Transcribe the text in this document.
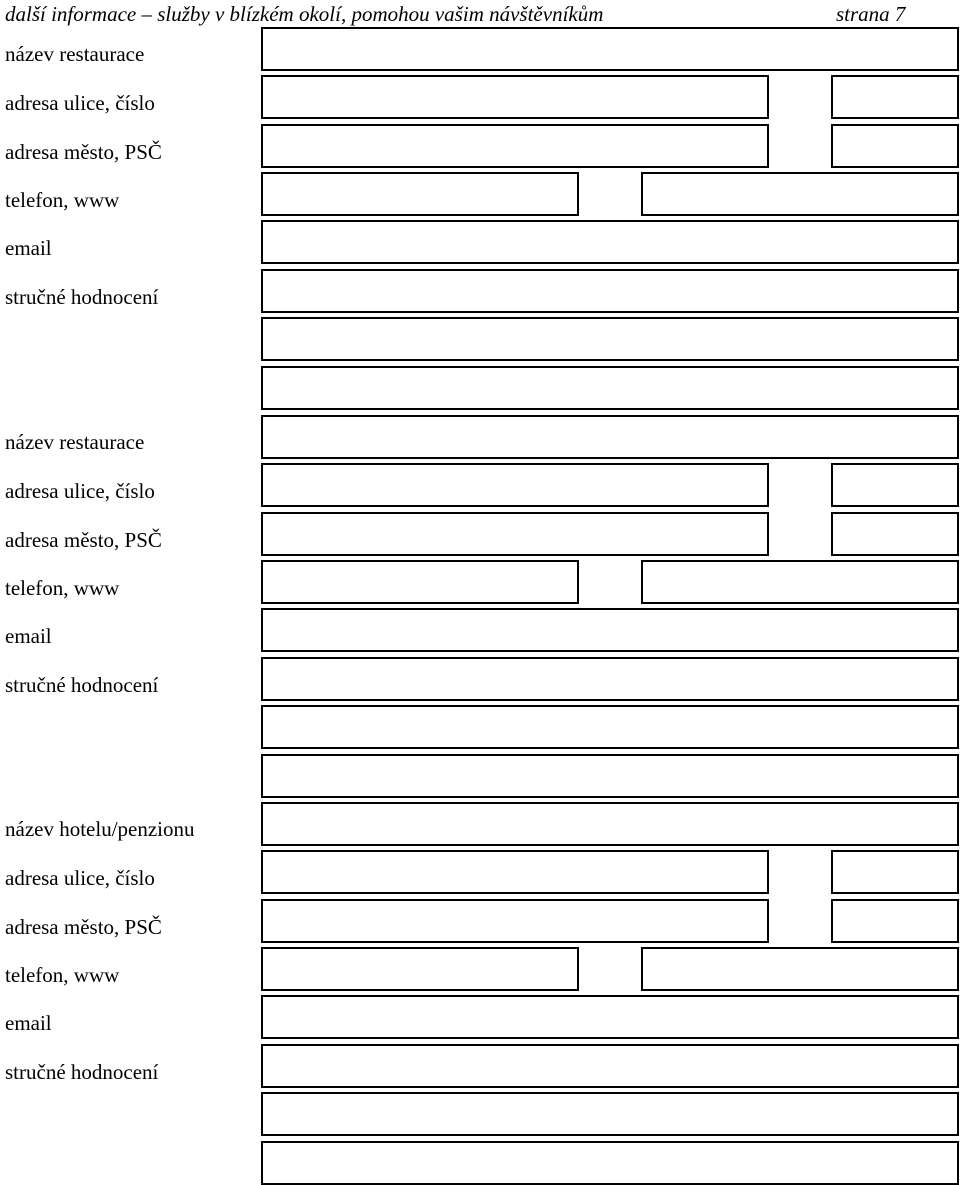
další informace – služby v blízkém okolí, pomohou vašim návštěvníkům	strana 7
název restaurace
adresa ulice, číslo
adresa město, PSČ
telefon, www
email
stručné hodnocení
název restaurace
adresa ulice, číslo
adresa město, PSČ
telefon, www
email
stručné hodnocení
název hotelu/penzionu
adresa ulice, číslo
adresa město, PSČ
telefon, www
email
stručné hodnocení
